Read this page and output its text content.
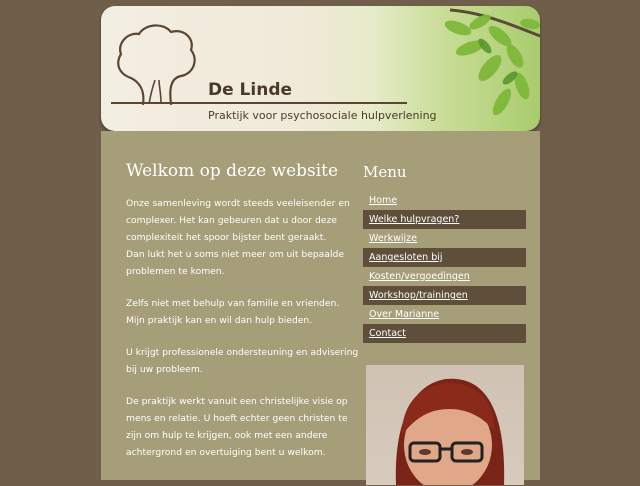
De Linde
Praktijk voor psychosociale hulpverlening
Welkom op deze website

Onze samenleving wordt steeds veeleisender en
complexer. Het kan gebeuren dat u door deze
complexiteit het spoor bijster bent geraakt.
Dan lukt het u soms niet meer om uit bepaalde
problemen te komen.

Zelfs niet met behulp van familie en vrienden.
Mijn praktijk kan en wil dan hulp bieden.

U krijgt professionele ondersteuning en advisering
bij uw probleem.

De praktijk werkt vanuit een christelijke visie op
mens en relatie. U hoeft echter geen christen te
zijn om hulp te krijgen, ook met een andere
achtergrond en overtuiging bent u welkom.

Menu
Home
Welke hulpvragen?
Werkwijze
Aangesloten bij
Kosten/vergoedingen
Workshop/trainingen
Over Marianne
Contact
